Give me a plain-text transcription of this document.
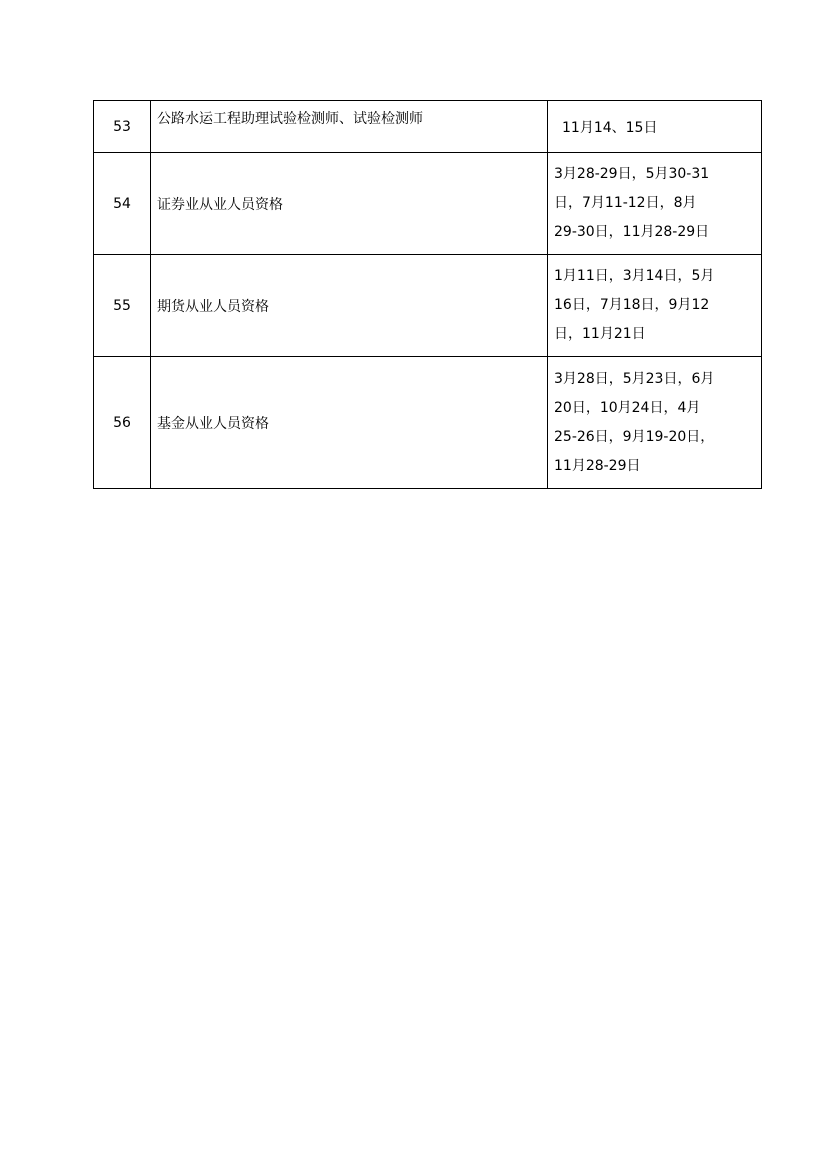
53	公路水运工程助理试验检测师、试验检测师	11月14、15日

54	证券业从业人员资格	3月28-29日，5月30-31
日，7月11-12日，8月
29-30日，11月28-29日

55	期货从业人员资格	1月11日，3月14日，5月
16日，7月18日，9月12
日，11月21日

56	基金从业人员资格	3月28日，5月23日，6月
20日，10月24日，4月
25-26日，9月19-20日，
11月28-29日
